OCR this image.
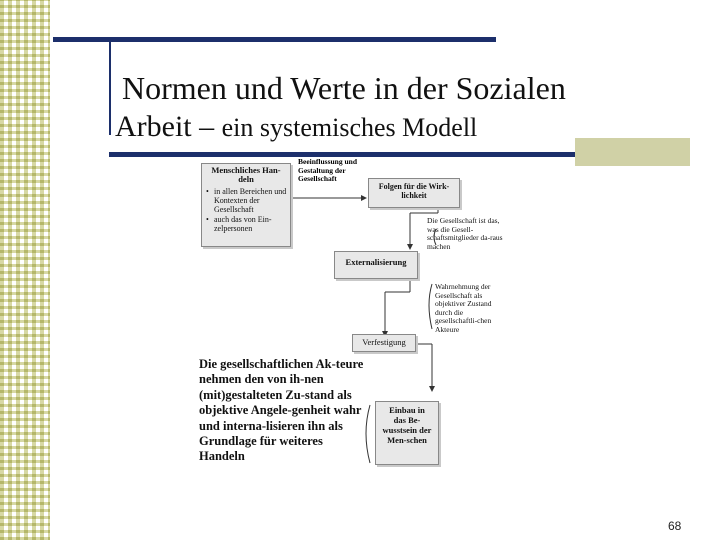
Normen und Werte in der Sozialen
Arbeit – ein systemisches Modell
Menschliches Han-deln
• in allen Bereichen und Kontexten der Gesellschaft
• auch das von Ein-zelpersonen
Beeinflussung und Gestaltung der Gesellschaft
Folgen für die Wirk-lichkeit
Die Gesellschaft ist das, was die Gesell-schaftsmitglieder da-raus machen
Externalisierung
Wahrnehmung der Gesellschaft als objektiver Zustand durch die gesellschaftli-chen Akteure
Verfestigung
Einbau in das Be-wusstsein der Men-schen
Die gesellschaftlichen Ak-teure nehmen den von ih-nen (mit)gestalteten Zu-stand als objektive Angele-genheit wahr und interna-lisieren ihn als Grundlage für weiteres Handeln
68
